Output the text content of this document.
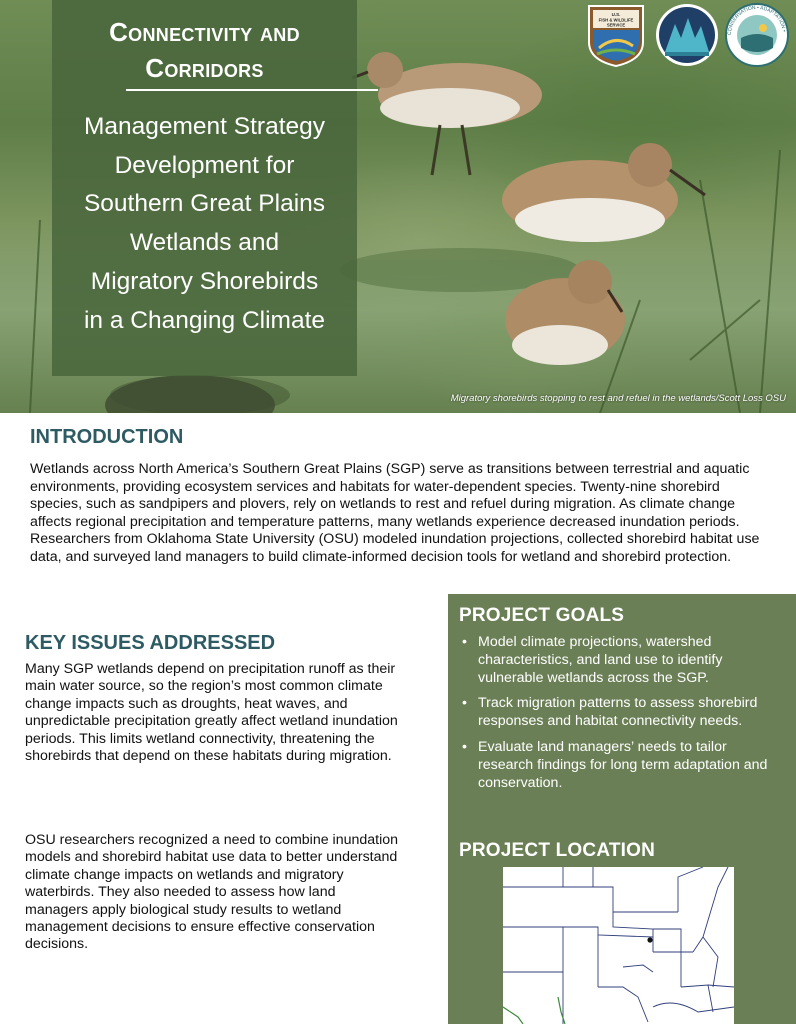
Connectivity and
Corridors
Management Strategy
Development for
Southern Great Plains
Wetlands and
Migratory Shorebirds
in a Changing Climate
U.S.
FISH & WILDLIFE
SERVICE
CONSERVATION • ADAPTATION •
Migratory shorebirds stopping to rest and refuel in the wetlands/Scott Loss OSU
INTRODUCTION

Wetlands across North America’s Southern Great Plains (SGP) serve as transitions between terrestrial and aquatic environments, providing ecosystem services and habitats for water-dependent species. Twenty-nine shorebird species, such as sandpipers and plovers, rely on wetlands to rest and refuel during migration. As climate change affects regional precipitation and temperature patterns, many wetlands experience decreased inundation periods. Researchers from Oklahoma State University (OSU) modeled inundation projections, collected shorebird habitat use data, and surveyed land managers to build climate-informed decision tools for wetland and shorebird protection.

KEY ISSUES ADDRESSED

Many SGP wetlands depend on precipitation runoff as their main water source, so the region’s most common climate change impacts such as droughts, heat waves, and unpredictable precipitation greatly affect wetland inundation periods. This limits wetland connectivity, threatening the shorebirds that depend on these habitats during migration.

OSU researchers recognized a need to combine inundation models and shorebird habitat use data to better understand climate change impacts on wetlands and migratory waterbirds. They also needed to assess how land managers apply biological study results to wetland management decisions to ensure effective conservation decisions.

PROJECT GOALS
• Model climate projections, watershed characteristics, and land use to identify vulnerable wetlands across the SGP.
• Track migration patterns to assess shorebird responses and habitat connectivity needs.
• Evaluate land managers’ needs to tailor research findings for long term adaptation and conservation.
PROJECT LOCATION
